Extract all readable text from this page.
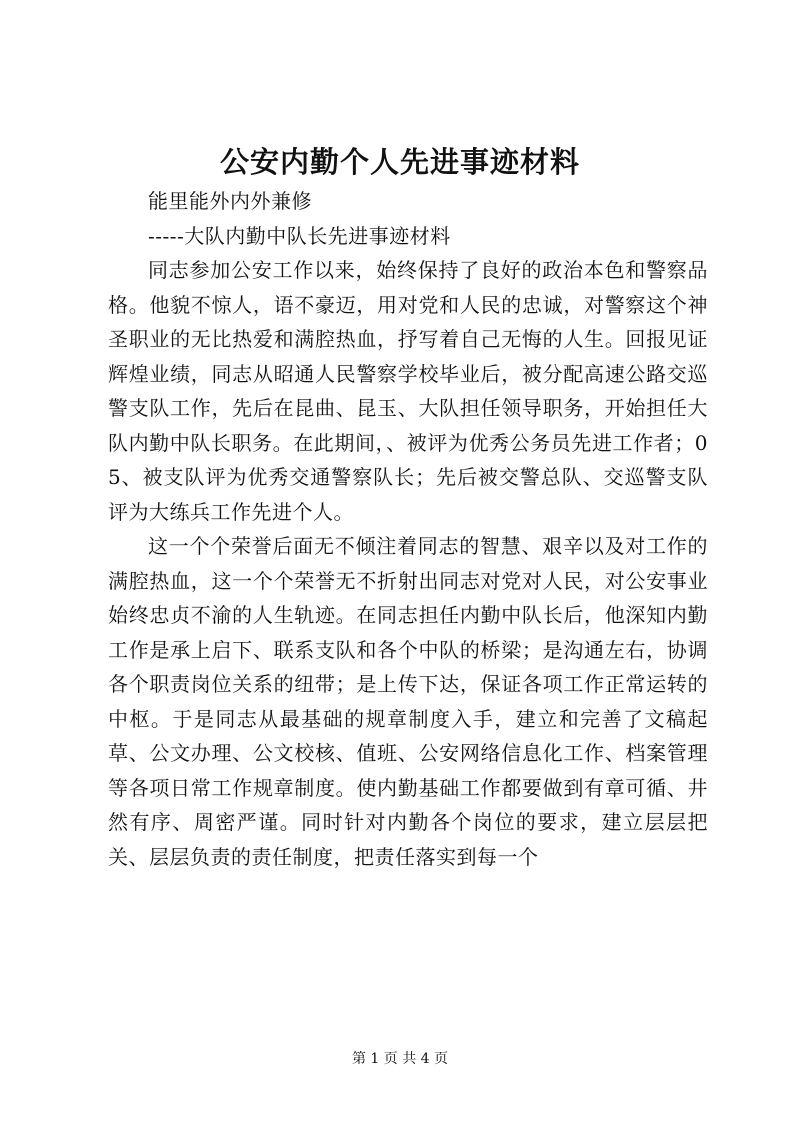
公安内勤个人先进事迹材料

能里能外内外兼修

-----大队内勤中队长先进事迹材料

同志参加公安工作以来，始终保持了良好的政治本色和警察品格。他貌不惊人，语不豪迈，用对党和人民的忠诚，对警察这个神圣职业的无比热爱和满腔热血，抒写着自己无悔的人生。回报见证辉煌业绩，同志从昭通人民警察学校毕业后，被分配高速公路交巡警支队工作，先后在昆曲、昆玉、大队担任领导职务，开始担任大队内勤中队长职务。在此期间，、被评为优秀公务员先进工作者；05、被支队评为优秀交通警察队长；先后被交警总队、交巡警支队评为大练兵工作先进个人。

这一个个荣誉后面无不倾注着同志的智慧、艰辛以及对工作的满腔热血，这一个个荣誉无不折射出同志对党对人民，对公安事业始终忠贞不渝的人生轨迹。在同志担任内勤中队长后，他深知内勤工作是承上启下、联系支队和各个中队的桥梁；是沟通左右，协调各个职责岗位关系的纽带；是上传下达，保证各项工作正常运转的中枢。于是同志从最基础的规章制度入手，建立和完善了文稿起草、公文办理、公文校核、值班、公安网络信息化工作、档案管理等各项日常工作规章制度。使内勤基础工作都要做到有章可循、井然有序、周密严谨。同时针对内勤各个岗位的要求，建立层层把关、层层负责的责任制度，把责任落实到每一个

第 1 页 共 4 页
